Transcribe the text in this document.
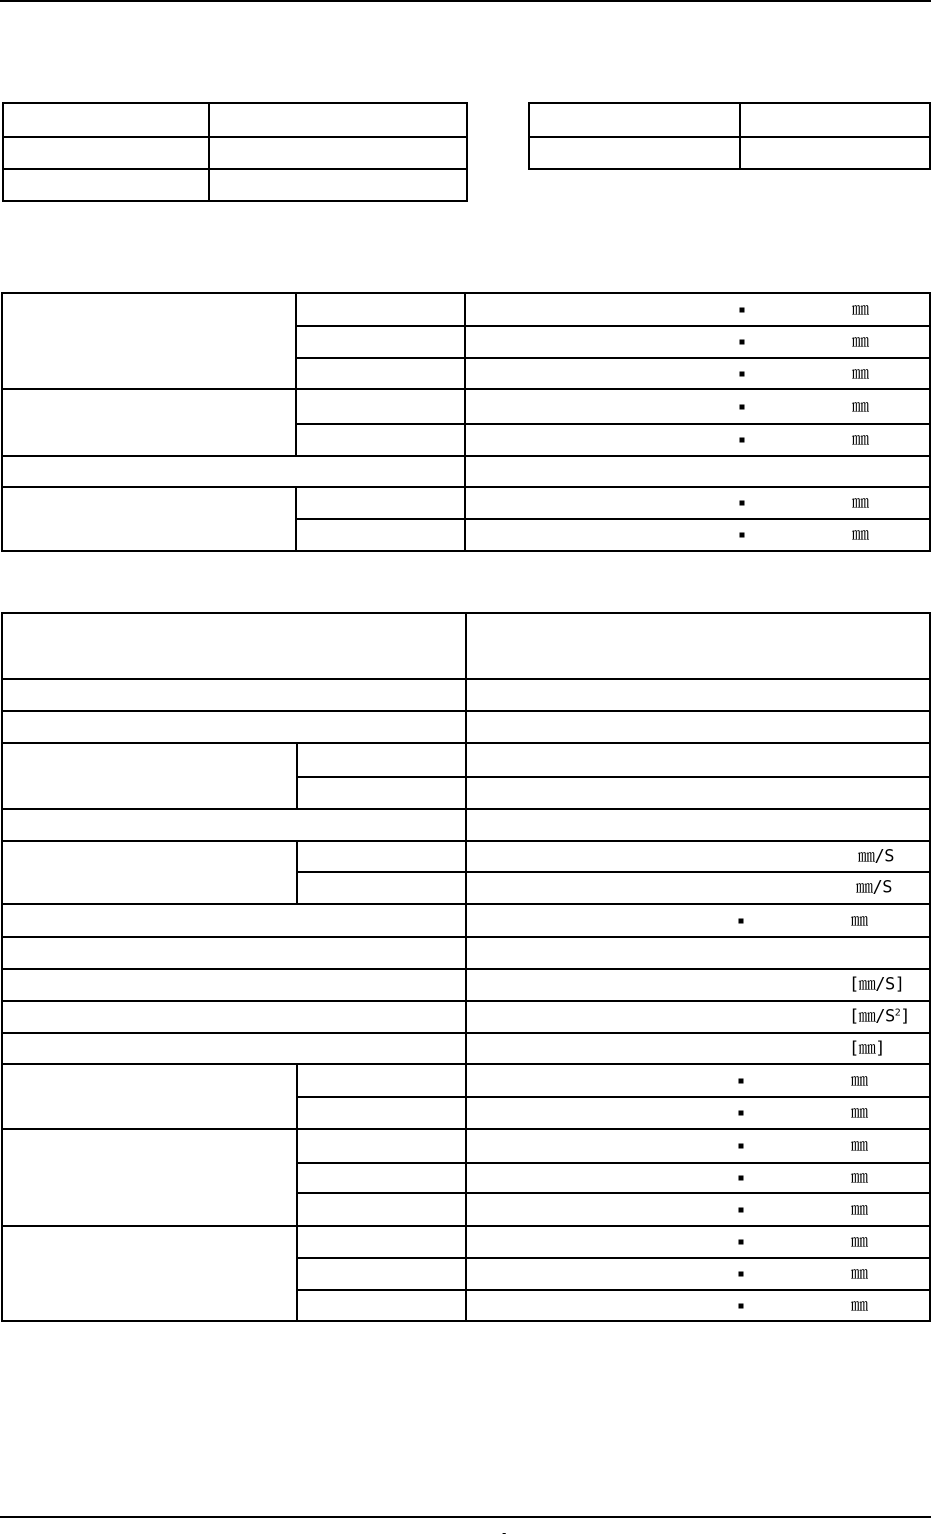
		㎜

		㎜

		㎜

		㎜

		㎜

		㎜

		㎜

		㎜/S

		㎜/S

		㎜

		[㎜/S]

		$[㎜/S^2]$

		[㎜]

		㎜

		㎜

		㎜

		㎜

		㎜

		㎜

		㎜

		㎜
-
